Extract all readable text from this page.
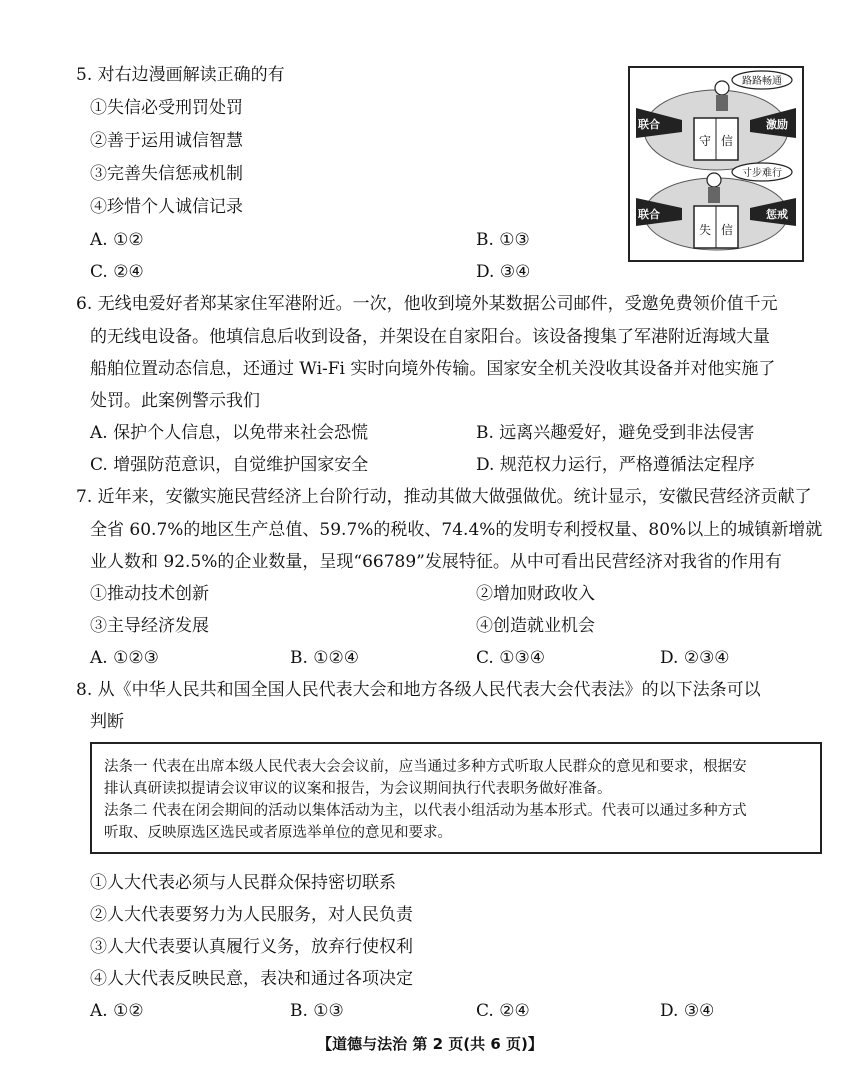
5. 对右边漫画解读正确的有
①失信必受刑罚处罚
②善于运用诚信智慧
③完善失信惩戒机制
④珍惜个人诚信记录
A. ①②	B. ①③
C. ②④	D. ③④
路路畅通
联合	激励
守 信
寸步难行
联合	惩戒
失 信
6. 无线电爱好者郑某家住军港附近。一次，他收到境外某数据公司邮件，受邀免费领价值千元
的无线电设备。他填信息后收到设备，并架设在自家阳台。该设备搜集了军港附近海域大量
船舶位置动态信息，还通过 Wi-Fi 实时向境外传输。国家安全机关没收其设备并对他实施了
处罚。此案例警示我们
A. 保护个人信息，以免带来社会恐慌	B. 远离兴趣爱好，避免受到非法侵害
C. 增强防范意识，自觉维护国家安全	D. 规范权力运行，严格遵循法定程序
7. 近年来，安徽实施民营经济上台阶行动，推动其做大做强做优。统计显示，安徽民营经济贡献了
全省 60.7%的地区生产总值、59.7%的税收、74.4%的发明专利授权量、80%以上的城镇新增就
业人数和 92.5%的企业数量，呈现“66789”发展特征。从中可看出民营经济对我省的作用有
①推动技术创新	②增加财政收入
③主导经济发展	④创造就业机会
A. ①②③	B. ①②④	C. ①③④	D. ②③④
8. 从《中华人民共和国全国人民代表大会和地方各级人民代表大会代表法》的以下法条可以
判断
法条一 代表在出席本级人民代表大会会议前，应当通过多种方式听取人民群众的意见和要求，根据安
排认真研读拟提请会议审议的议案和报告，为会议期间执行代表职务做好准备。
法条二 代表在闭会期间的活动以集体活动为主，以代表小组活动为基本形式。代表可以通过多种方式
听取、反映原选区选民或者原选举单位的意见和要求。
①人大代表必须与人民群众保持密切联系
②人大代表要努力为人民服务，对人民负责
③人大代表要认真履行义务，放弃行使权利
④人大代表反映民意，表决和通过各项决定
A. ①②	B. ①③	C. ②④	D. ③④
【道德与法治 第 2 页(共 6 页)】
